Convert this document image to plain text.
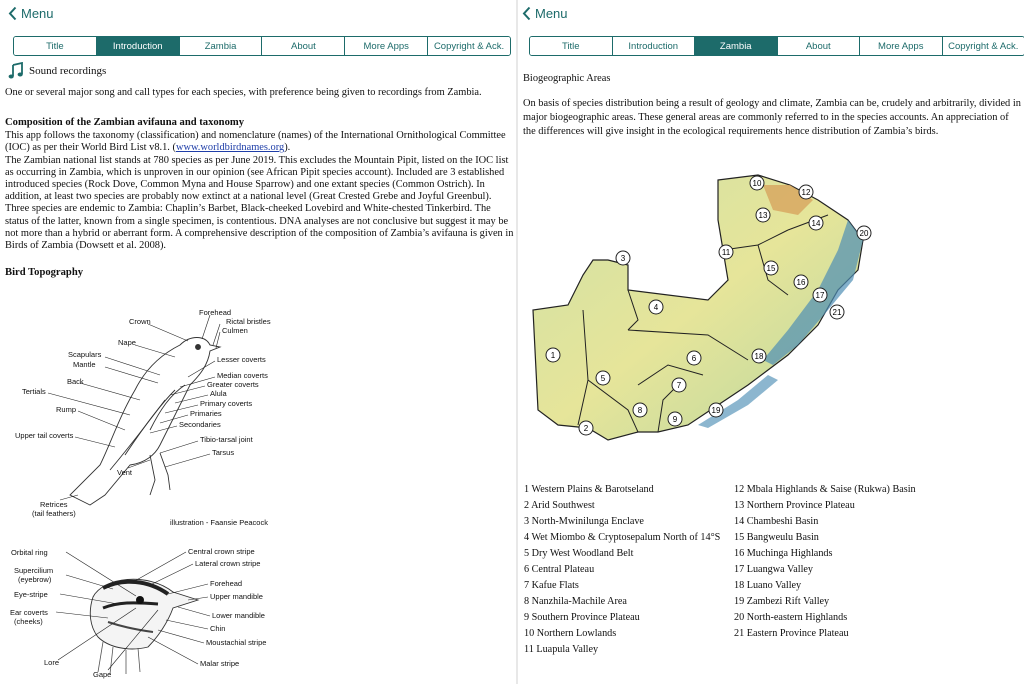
Menu
Title	Introduction	Zambia	About	More Apps	Copyright & Ack.
Sound recordings

One or several major song and call types for each species, with preference being given to recordings from Zambia.

Composition of the Zambian avifauna and taxonomy

This app follows the taxonomy (classification) and nomenclature (names) of the International Ornithological Committee (IOC) as per their World Bird List v8.1. (www.worldbirdnames.org).

The Zambian national list stands at 780 species as per June 2019. This excludes the Mountain Pipit, listed on the IOC list as occurring in Zambia, which is unproven in our opinion (see African Pipit species account). Included are 3 established introduced species (Rock Dove, Common Myna and House Sparrow) and one extant species (Common Ostrich). In addition, at least two species are probably now extinct at a national level (Great Crested Grebe and Joyful Greenbul).

Three species are endemic to Zambia: Chaplin’s Barbet, Black-cheeked Lovebird and White-chested Tinkerbird. The status of the latter, known from a single specimen, is contentious. DNA analyses are not conclusive but suggest it may be not more than a hybrid or aberrant form. A comprehensive description of the composition of Zambia’s avifauna is given in Birds of Zambia (Dowsett et al. 2008).

Bird Topography
Forehead
Rictal bristles
Culmen
Crown
Nape
Scapulars
Mantle
Lesser coverts
Median coverts
Greater coverts
Back
Tertials	Alula
Primary coverts
Rump	Primaries
Secondaries
Upper tail coverts	Tibio-tarsal joint
Tarsus
Vent
Retrices
(tail feathers)
illustration - Faansie Peacock
Orbital ring
Supercilium
(eyebrow)
Eye-stripe
Ear coverts
(cheeks)
Lore
Gape
Central crown stripe
Lateral crown stripe
Forehead
Upper mandible
Lower mandible
Chin
Moustachial stripe
Malar stripe
Menu
Title	Introduction	Zambia	About	More Apps	Copyright & Ack.

Biogeographic Areas

On basis of species distribution being a result of geology and climate, Zambia can be, crudely and arbitrarily, divided in major biogeographic areas. These general areas are commonly referred to in the species accounts. An appreciation of the differences will give insight in the ecological requirements hence distribution of Zambia’s birds.

1
2
3
4
5
6
7
8
9
10
11
12
13
14
15
16
17
18
19
20
21
1 Western Plains & Barotseland
2 Arid Southwest
3 North-Mwinilunga Enclave
4 Wet Miombo & Cryptosepalum North of 14°S
5 Dry West Woodland Belt
6 Central Plateau
7 Kafue Flats
8 Nanzhila-Machile Area
9 Southern Province Plateau
10 Northern Lowlands
11 Luapula Valley
12 Mbala Highlands & Saise (Rukwa) Basin
13 Northern Province Plateau
14 Chambeshi Basin
15 Bangweulu Basin
16 Muchinga Highlands
17 Luangwa Valley
18 Luano Valley
19 Zambezi Rift Valley
20 North-eastern Highlands
21 Eastern Province Plateau
